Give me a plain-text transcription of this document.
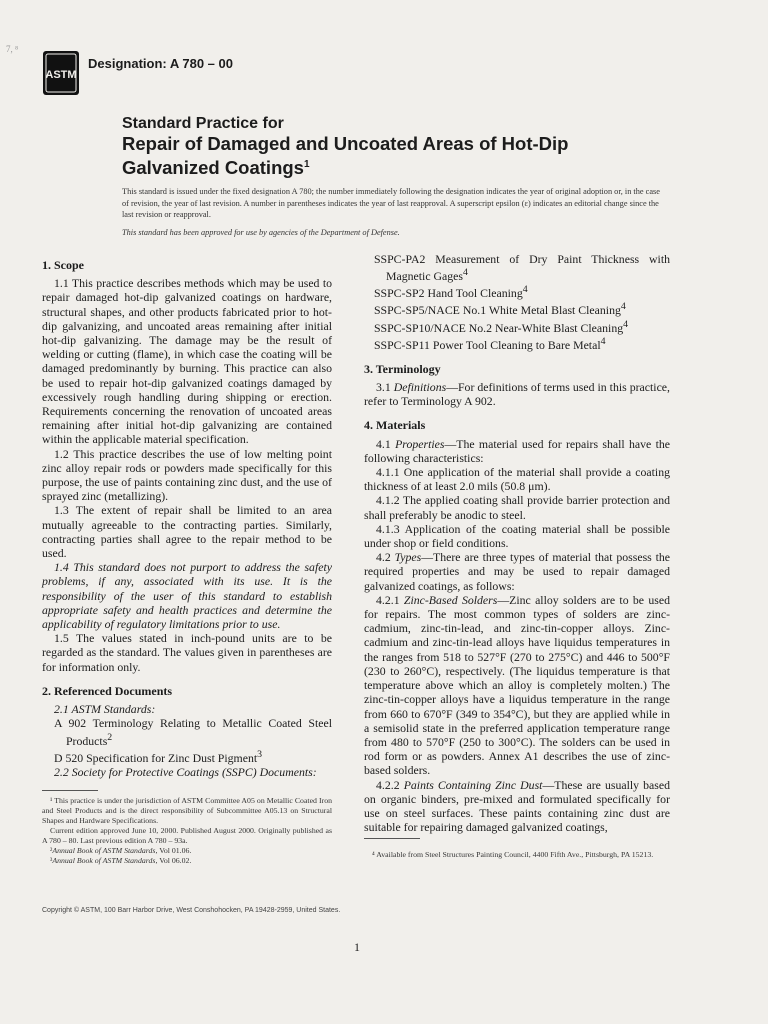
7, ⁸
ASTM
Designation: A 780 – 00
Standard Practice for
Repair of Damaged and Uncoated Areas of Hot-Dip
Galvanized Coatings$^1$
This standard is issued under the fixed designation A 780; the number immediately following the designation indicates the year of original adoption or, in the case of revision, the year of last revision. A number in parentheses indicates the year of last reapproval. A superscript epsilon (ε) indicates an editorial change since the last revision or reapproval.
This standard has been approved for use by agencies of the Department of Defense.
1. Scope

1.1 This practice describes methods which may be used to repair damaged hot-dip galvanized coatings on hardware, structural shapes, and other products fabricated prior to hot-dip galvanizing, and uncoated areas remaining after initial hot-dip galvanizing. The damage may be the result of welding or cutting (flame), in which case the coating will be damaged predominantly by burning. This practice can also be used to repair hot-dip galvanized coatings damaged by excessively rough handling during shipping or erection. Requirements concerning the renovation of uncoated areas remaining after initial hot-dip galvanizing are contained within the applicable material specification.

1.2 This practice describes the use of low melting point zinc alloy repair rods or powders made specifically for this purpose, the use of paints containing zinc dust, and the use of sprayed zinc (metallizing).

1.3 The extent of repair shall be limited to an area mutually agreeable to the contracting parties. Similarly, contracting parties shall agree to the repair method to be used.

1.4 This standard does not purport to address the safety problems, if any, associated with its use. It is the responsibility of the user of this standard to establish appropriate safety and health practices and determine the applicability of regulatory limitations prior to use.

1.5 The values stated in inch-pound units are to be regarded as the standard. The values given in parentheses are for information only.

2. Referenced Documents

2.1 ASTM Standards:

A 902 Terminology Relating to Metallic Coated Steel Products$^2$

D 520 Specification for Zinc Dust Pigment$^3$

2.2 Society for Protective Coatings (SSPC) Documents:

¹ This practice is under the jurisdiction of ASTM Committee A05 on Metallic Coated Iron and Steel Products and is the direct responsibility of Subcommittee A05.13 on Structural Shapes and Hardware Specifications.

Current edition approved June 10, 2000. Published August 2000. Originally published as A 780 – 80. Last previous edition A 780 – 93a.

²Annual Book of ASTM Standards, Vol 01.06.

³Annual Book of ASTM Standards, Vol 06.02.

SSPC-PA2 Measurement of Dry Paint Thickness with Magnetic Gages$^4$

SSPC-SP2 Hand Tool Cleaning$^4$

SSPC-SP5/NACE No.1 White Metal Blast Cleaning$^4$

SSPC-SP10/NACE No.2 Near-White Blast Cleaning$^4$

SSPC-SP11 Power Tool Cleaning to Bare Metal$^4$

3. Terminology

3.1 Definitions—For definitions of terms used in this practice, refer to Terminology A 902.

4. Materials

4.1 Properties—The material used for repairs shall have the following characteristics:

4.1.1 One application of the material shall provide a coating thickness of at least 2.0 mils (50.8 μm).

4.1.2 The applied coating shall provide barrier protection and shall preferably be anodic to steel.

4.1.3 Application of the coating material shall be possible under shop or field conditions.

4.2 Types—There are three types of material that possess the required properties and may be used to repair damaged galvanized coatings, as follows:

4.2.1 Zinc-Based Solders—Zinc alloy solders are to be used for repairs. The most common types of solders are zinc-cadmium, zinc-tin-lead, and zinc-tin-copper alloys. Zinc-cadmium and zinc-tin-lead alloys have liquidus temperatures in the ranges from 518 to 527°F (270 to 275°C) and 446 to 500°F (230 to 260°C), respectively. (The liquidus temperature is that temperature above which an alloy is completely molten.) The zinc-tin-copper alloys have a liquidus temperature in the range from 660 to 670°F (349 to 354°C), but they are applied while in a semisolid state in the preferred application temperature range from 480 to 570°F (250 to 300°C). The solders can be used in rod form or as powders. Annex A1 describes the use of zinc-based solders.

4.2.2 Paints Containing Zinc Dust—These are usually based on organic binders, pre-mixed and formulated specifically for use on steel surfaces. These paints containing zinc dust are suitable for repairing damaged galvanized coatings,

⁴ Available from Steel Structures Painting Council, 4400 Fifth Ave., Pittsburgh, PA 15213.

Copyright © ASTM, 100 Barr Harbor Drive, West Conshohocken, PA 19428-2959, United States.
1
